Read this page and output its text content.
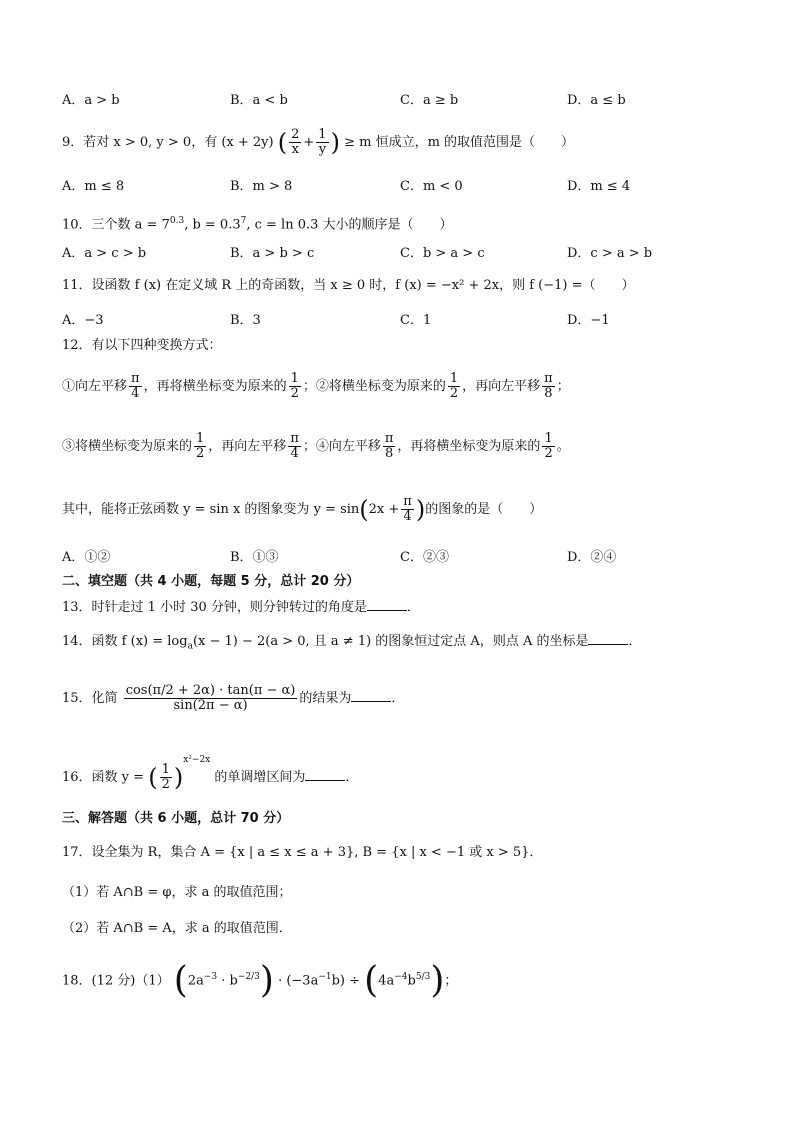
A．a > b	B．a < b	C．a ≥ b	D．a ≤ b
9．若对 x > 0, y > 0，有 (x + 2y) ( $\frac{2}{x} + \frac{1}{y}$ ) ≥ m 恒成立，m 的取值范围是（　　）
A．m ≤ 8	B．m > 8	C．m < 0	D．m ≤ 4
10．三个数 $a = 7^{0.3}$, $b = 0.3^7$, c = ln 0.3 大小的顺序是（　　）
A．a > c > b	B．a > b > c	C．b > a > c	D．c > a > b
11．设函数 f (x) 在定义域 R 上的奇函数，当 x ≥ 0 时，f (x) = −x² + 2x，则 f (−1) =（　　）
A．−3	B．3	C．1	D．−1
12．有以下四种变换方式：
①向左平移 $\frac{\pi}{4}$ ，再将横坐标变为原来的 $\frac{1}{2}$ ；②将横坐标变为原来的 $\frac{1}{2}$ ，再向左平移 $\frac{\pi}{8}$ ；
③将横坐标变为原来的 $\frac{1}{2}$ ，再向左平移 $\frac{\pi}{4}$ ；④向左平移 $\frac{\pi}{8}$ ，再将横坐标变为原来的 $\frac{1}{2}$ 。
其中，能将正弦函数 y = sin x 的图象变为 $y = \sin(2x + \frac{\pi}{4}$ )的图象的是（　　）
A．①②	B．①③	C．②③	D．②④
二、填空题（共 4 小题，每题 5 分，总计 20 分）
13．时针走过 1 小时 30 分钟，则分钟转过的角度是	．
14．函数 f $(x) = \log_a(x - 1) - 2(a > 0$, 且 a ≠ 1) 的图象恒过定点 A，则点 A 的坐标是	．
15．化简 $\frac{\cos(\pi/2 + 2\alpha) \cdot \tan(\pi - \alpha)}{\sin(2\pi - \alpha)}$ 的结果为	．
16．函数 y = ( $\frac{1}{2} )^{x^2-2x}$ 的单调增区间为	．
三、解答题（共 6 小题，总计 70 分）
17．设全集为 R，集合 A = {x | a ≤ x ≤ a + 3}, B = {x | x < −1 或 x > 5}．
（1）若 A∩B = φ，求 a 的取值范围；
（2）若 A∩B = A，求 a 的取值范围．
18．(12 分)（1） $(2a^{-3} \cdot b^{-2/3}) \cdot (-3a^{-1}b) \div (4a^{-4}b^{5/3})$；
